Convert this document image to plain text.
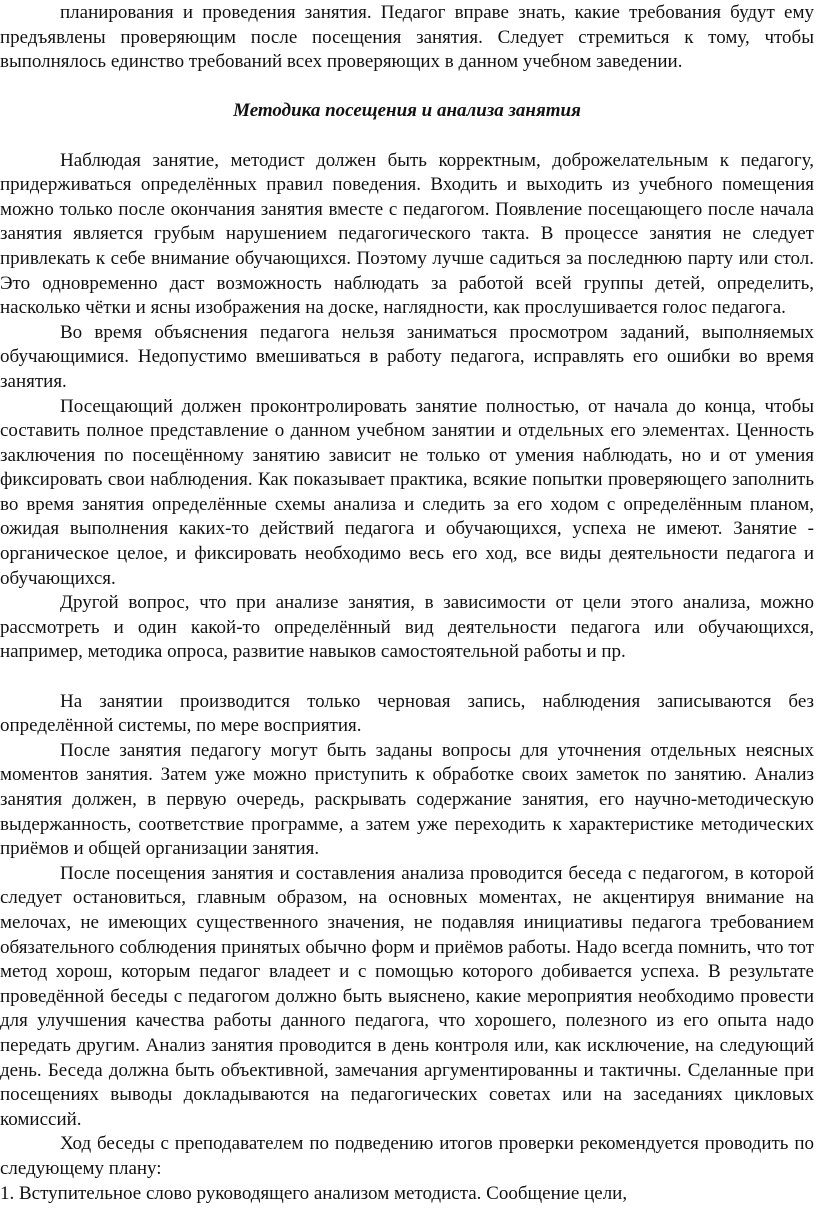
планирования и проведения занятия. Педагог вправе знать, какие требования будут ему предъявлены проверяющим после посещения занятия. Следует стремиться к тому, чтобы выполнялось единство требований всех проверяющих в данном учебном заведении.

Методика посещения и анализа занятия

Наблюдая занятие, методист должен быть корректным, доброжелательным к педагогу, придерживаться определённых правил поведения. Входить и выходить из учебного помещения можно только после окончания занятия вместе с педагогом. Появление посещающего после начала занятия является грубым нарушением педагогического такта. В процессе занятия не следует привлекать к себе внимание обучающихся. Поэтому лучше садиться за последнюю парту или стол. Это одновременно даст возможность наблюдать за работой всей группы детей, определить, насколько чётки и ясны изображения на доске, наглядности, как прослушивается голос педагога.

Во время объяснения педагога нельзя заниматься просмотром заданий, выполняемых обучающимися. Недопустимо вмешиваться в работу педагога, исправлять его ошибки во время занятия.

Посещающий должен проконтролировать занятие полностью, от начала до конца, чтобы составить полное представление о данном учебном занятии и отдельных его элементах. Ценность заключения по посещённому занятию зависит не только от умения наблюдать, но и от умения фиксировать свои наблюдения. Как показывает практика, всякие попытки проверяющего заполнить во время занятия определённые схемы анализа и следить за его ходом с определённым планом, ожидая выполнения каких-то действий педагога и обучающихся, успеха не имеют. Занятие - органическое целое, и фиксировать необходимо весь его ход, все виды деятельности педагога и обучающихся.

Другой вопрос, что при анализе занятия, в зависимости от цели этого анализа, можно рассмотреть и один какой-то определённый вид деятельности педагога или обучающихся, например, методика опроса, развитие навыков самостоятельной работы и пр.

На занятии производится только черновая запись, наблюдения записываются без определённой системы, по мере восприятия.

После занятия педагогу могут быть заданы вопросы для уточнения отдельных неясных моментов занятия. Затем уже можно приступить к обработке своих заметок по занятию. Анализ занятия должен, в первую очередь, раскрывать содержание занятия, его научно-методическую выдержанность, соответствие программе, а затем уже переходить к характеристике методических приёмов и общей организации занятия.

После посещения занятия и составления анализа проводится беседа с педагогом, в которой следует остановиться, главным образом, на основных моментах, не акцентируя внимание на мелочах, не имеющих существенного значения, не подавляя инициативы педагога требованием обязательного соблюдения принятых обычно форм и приёмов работы. Надо всегда помнить, что тот метод хорош, которым педагог владеет и с помощью которого добивается успеха. В результате проведённой беседы с педагогом должно быть выяснено, какие мероприятия необходимо провести для улучшения качества работы данного педагога, что хорошего, полезного из его опыта надо передать другим. Анализ занятия проводится в день контроля или, как исключение, на следующий день. Беседа должна быть объективной, замечания аргументированны и тактичны. Сделанные при посещениях выводы докладываются на педагогических советах или на заседаниях цикловых комиссий.

Ход беседы с преподавателем по подведению итогов проверки рекомендуется проводить по следующему плану:

1. Вступительное слово руководящего анализом методиста. Сообщение цели,
